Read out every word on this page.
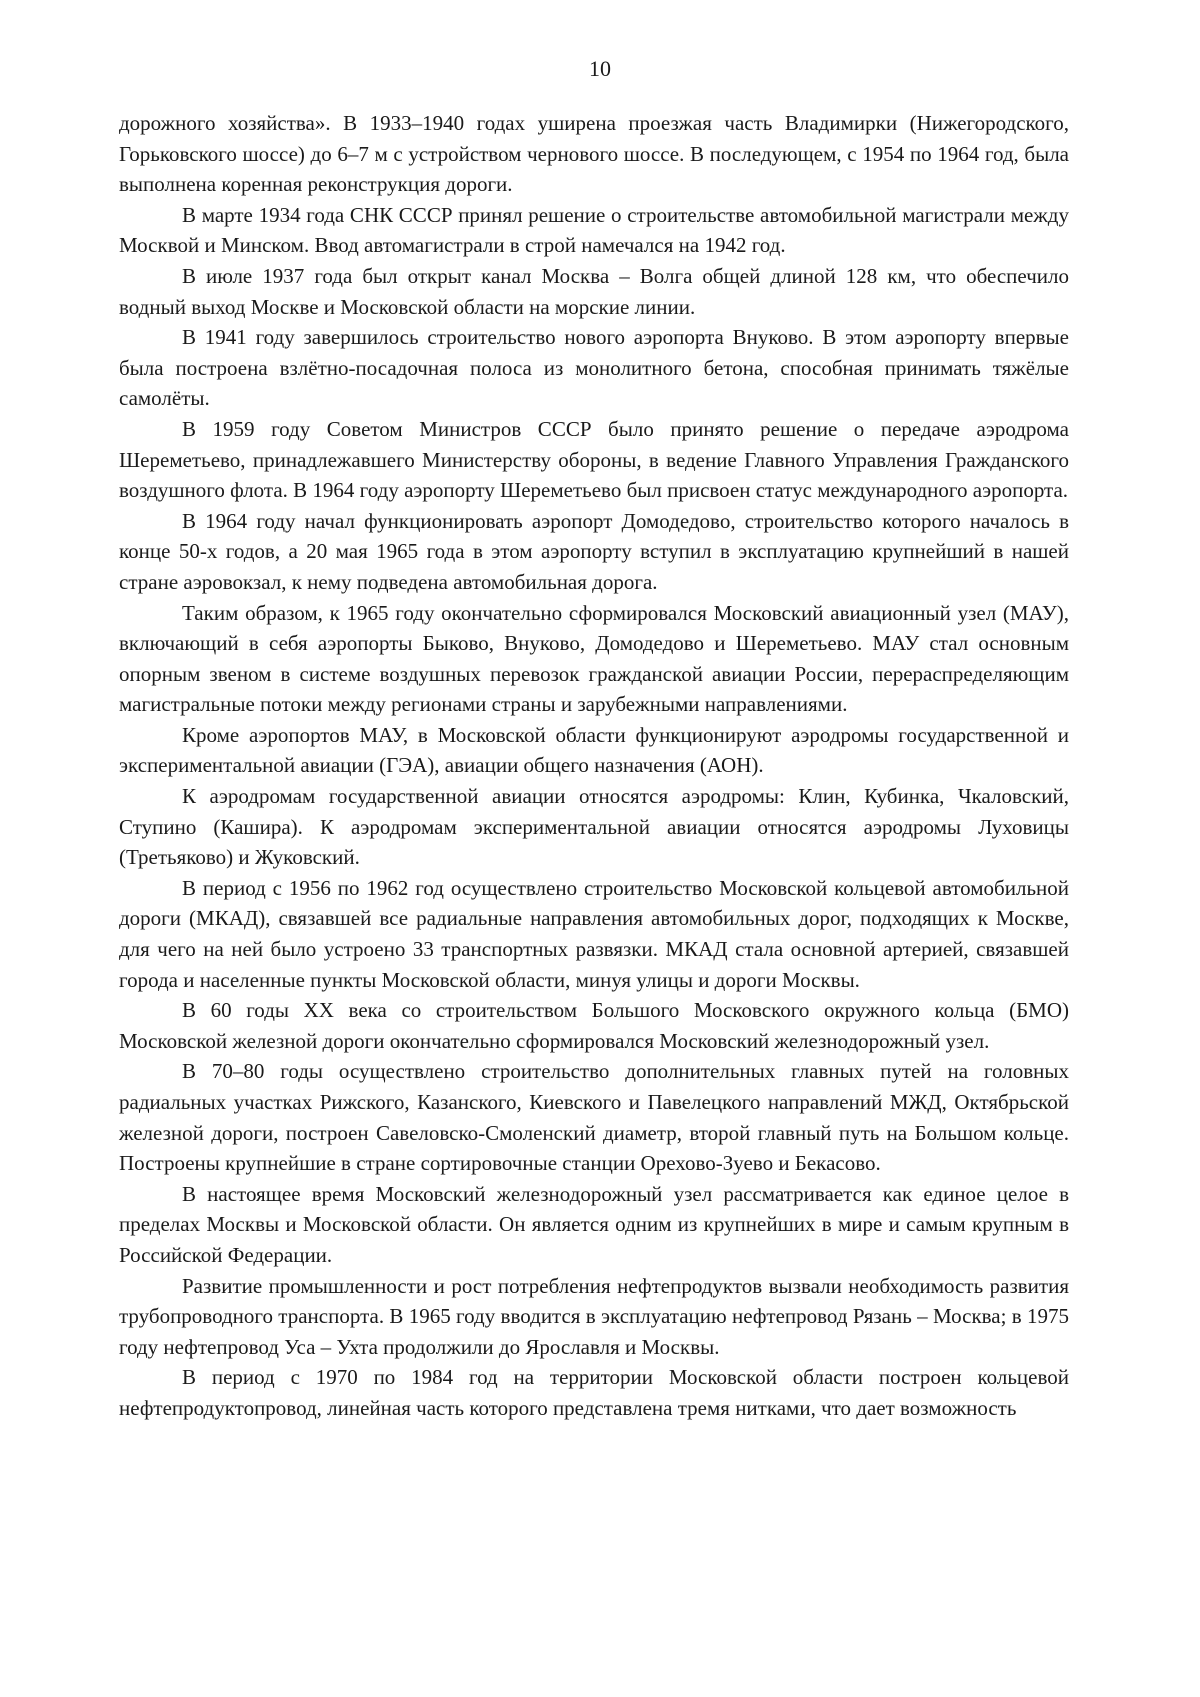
10

дорожного хозяйства». В 1933–1940 годах уширена проезжая часть Владимирки (Нижегородского, Горьковского шоссе) до 6–7 м с устройством чернового шоссе. В последующем, с 1954 по 1964 год, была выполнена коренная реконструкция дороги.

В марте 1934 года СНК СССР принял решение о строительстве автомобильной магистрали между Москвой и Минском. Ввод автомагистрали в строй намечался на 1942 год.

В июле 1937 года был открыт канал Москва – Волга общей длиной 128 км, что обеспечило водный выход Москве и Московской области на морские линии.

В 1941 году завершилось строительство нового аэропорта Внуково. В этом аэропорту впервые была построена взлётно-посадочная полоса из монолитного бетона, способная принимать тяжёлые самолёты.

В 1959 году Советом Министров СССР было принято решение о передаче аэродрома Шереметьево, принадлежавшего Министерству обороны, в ведение Главного Управления Гражданского воздушного флота. В 1964 году аэропорту Шереметьево был присвоен статус международного аэропорта.

В 1964 году начал функционировать аэропорт Домодедово, строительство которого началось в конце 50-х годов, а 20 мая 1965 года в этом аэропорту вступил в эксплуатацию крупнейший в нашей стране аэровокзал, к нему подведена автомобильная дорога.

Таким образом, к 1965 году окончательно сформировался Московский авиационный узел (МАУ), включающий в себя аэропорты Быково, Внуково, Домодедово и Шереметьево. МАУ стал основным опорным звеном в системе воздушных перевозок гражданской авиации России, перераспределяющим магистральные потоки между регионами страны и зарубежными направлениями.

Кроме аэропортов МАУ, в Московской области функционируют аэродромы государственной и экспериментальной авиации (ГЭА), авиации общего назначения (АОН).

К аэродромам государственной авиации относятся аэродромы: Клин, Кубинка, Чкаловский, Ступино (Кашира). К аэродромам экспериментальной авиации относятся аэродромы Луховицы (Третьяково) и Жуковский.

В период с 1956 по 1962 год осуществлено строительство Московской кольцевой автомобильной дороги (МКАД), связавшей все радиальные направления автомобильных дорог, подходящих к Москве, для чего на ней было устроено 33 транспортных развязки. МКАД стала основной артерией, связавшей города и населенные пункты Московской области, минуя улицы и дороги Москвы.

В 60 годы XX века со строительством Большого Московского окружного кольца (БМО) Московской железной дороги окончательно сформировался Московский железнодорожный узел.

В 70–80 годы осуществлено строительство дополнительных главных путей на головных радиальных участках Рижского, Казанского, Киевского и Павелецкого направлений МЖД, Октябрьской железной дороги, построен Савеловско-Смоленский диаметр, второй главный путь на Большом кольце. Построены крупнейшие в стране сортировочные станции Орехово-Зуево и Бекасово.

В настоящее время Московский железнодорожный узел рассматривается как единое целое в пределах Москвы и Московской области. Он является одним из крупнейших в мире и самым крупным в Российской Федерации.

Развитие промышленности и рост потребления нефтепродуктов вызвали необходимость развития трубопроводного транспорта. В 1965 году вводится в эксплуатацию нефтепровод Рязань – Москва; в 1975 году нефтепровод Уса – Ухта продолжили до Ярославля и Москвы.

В период с 1970 по 1984 год на территории Московской области построен кольцевой нефтепродуктопровод, линейная часть которого представлена тремя нитками, что дает возможность
